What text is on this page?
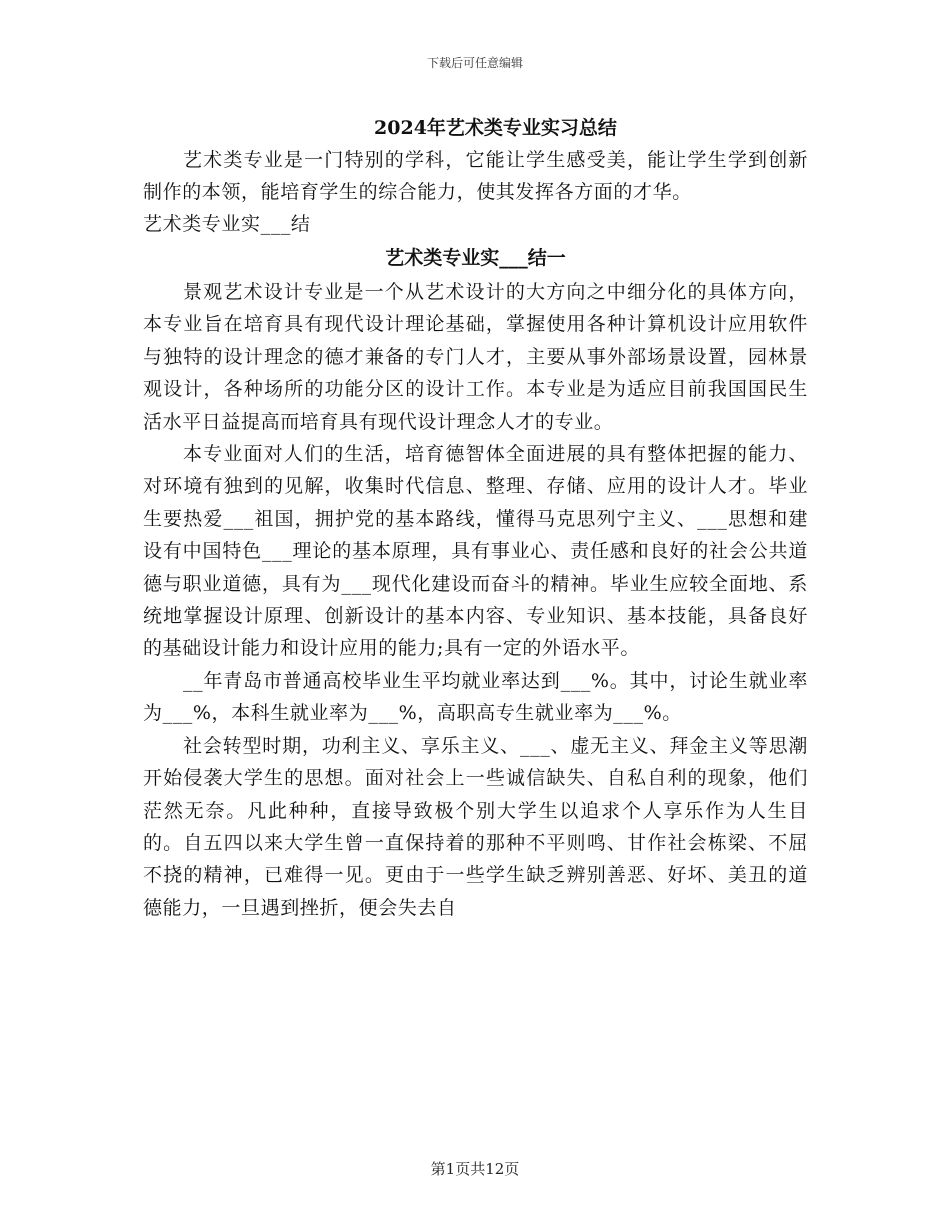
下载后可任意编辑
2024年艺术类专业实习总结

艺术类专业是一门特别的学科，它能让学生感受美，能让学生学到创新制作的本领，能培育学生的综合能力，使其发挥各方面的才华。

艺术类专业实___结

艺术类专业实___结一

景观艺术设计专业是一个从艺术设计的大方向之中细分化的具体方向，本专业旨在培育具有现代设计理论基础，掌握使用各种计算机设计应用软件与独特的设计理念的德才兼备的专门人才，主要从事外部场景设置，园林景观设计，各种场所的功能分区的设计工作。本专业是为适应目前我国国民生活水平日益提高而培育具有现代设计理念人才的专业。

本专业面对人们的生活，培育德智体全面进展的具有整体把握的能力、对环境有独到的见解，收集时代信息、整理、存储、应用的设计人才。毕业生要热爱___祖国，拥护党的基本路线，懂得马克思列宁主义、___思想和建设有中国特色___理论的基本原理，具有事业心、责任感和良好的社会公共道德与职业道德，具有为___现代化建设而奋斗的精神。毕业生应较全面地、系统地掌握设计原理、创新设计的基本内容、专业知识、基本技能，具备良好的基础设计能力和设计应用的能力;具有一定的外语水平。

__年青岛市普通高校毕业生平均就业率达到___%。其中，讨论生就业率为___%，本科生就业率为___%，高职高专生就业率为___%。

社会转型时期，功利主义、享乐主义、___、虚无主义、拜金主义等思潮开始侵袭大学生的思想。面对社会上一些诚信缺失、自私自利的现象，他们茫然无奈。凡此种种，直接导致极个别大学生以追求个人享乐作为人生目的。自五四以来大学生曾一直保持着的那种不平则鸣、甘作社会栋梁、不屈不挠的精神，已难得一见。更由于一些学生缺乏辨别善恶、好坏、美丑的道德能力，一旦遇到挫折，便会失去自

第1页共12页
